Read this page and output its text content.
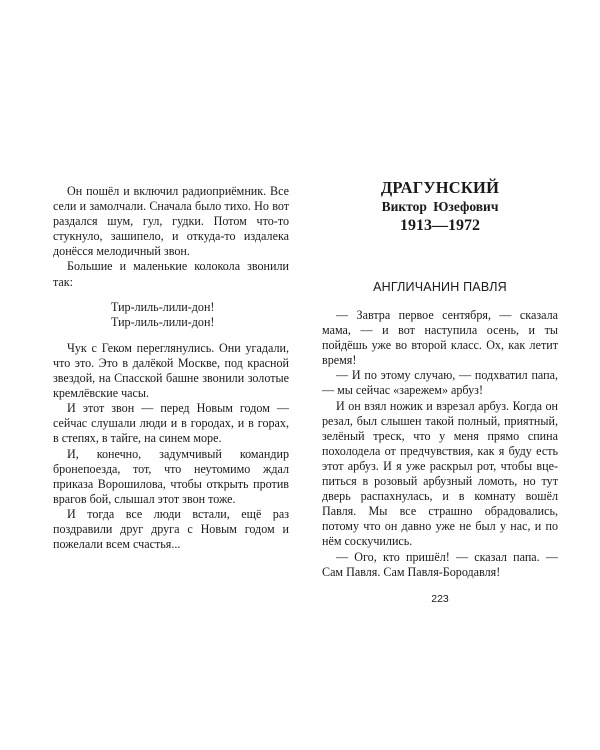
Он пошёл и включил радиоприёмник. Все сели и замолчали. Сначала было тихо. Но вот раздался шум, гул, гудки. Потом что-то стукнуло, зашипело, и откуда-то издалека донёсся мелодичный звон.

Большие и маленькие колокола звонили так:

Тир-лиль-лили-дон!
Тир-лиль-лили-дон!

Чук с Геком переглянулись. Они угадали, что это. Это в далёкой Москве, под красной звездой, на Спасской башне звонили золотые кремлёвские часы.

И этот звон — перед Новым годом — сейчас слушали люди и в городах, и в горах, в степях, в тайге, на синем море.

И, конечно, задумчивый командир бронепоезда, тот, что неутомимо ждал приказа Ворошилова, чтобы открыть против врагов бой, слышал этот звон тоже.

И тогда все люди встали, ещё раз поздравили друг друга с Новым годом и пожелали всем счастья...

ДРАГУНСКИЙ
Виктор Юзефович
1913—1972
АНГЛИЧАНИН ПАВЛЯ

— Завтра первое сентября, — сказала мама, — и вот наступила осень, и ты пойдёшь уже во второй класс. Ох, как летит время!

— И по этому случаю, — подхватил папа, — мы сейчас «зарежем» арбуз!

И он взял ножик и взрезал арбуз. Когда он резал, был слышен такой полный, приятный, зелёный треск, что у меня прямо спина похолодела от предчувствия, как я буду есть этот арбуз. И я уже раскрыл рот, чтобы вцепиться в розовый арбузный ломоть, но тут дверь распахнулась, и в комнату вошёл Павля. Мы все страшно обрадовались, потому что он давно уже не был у нас, и по нём соскучились.

— Ого, кто пришёл! — сказал папа. — Сам Павля. Сам Павля-Бородавля!

223
